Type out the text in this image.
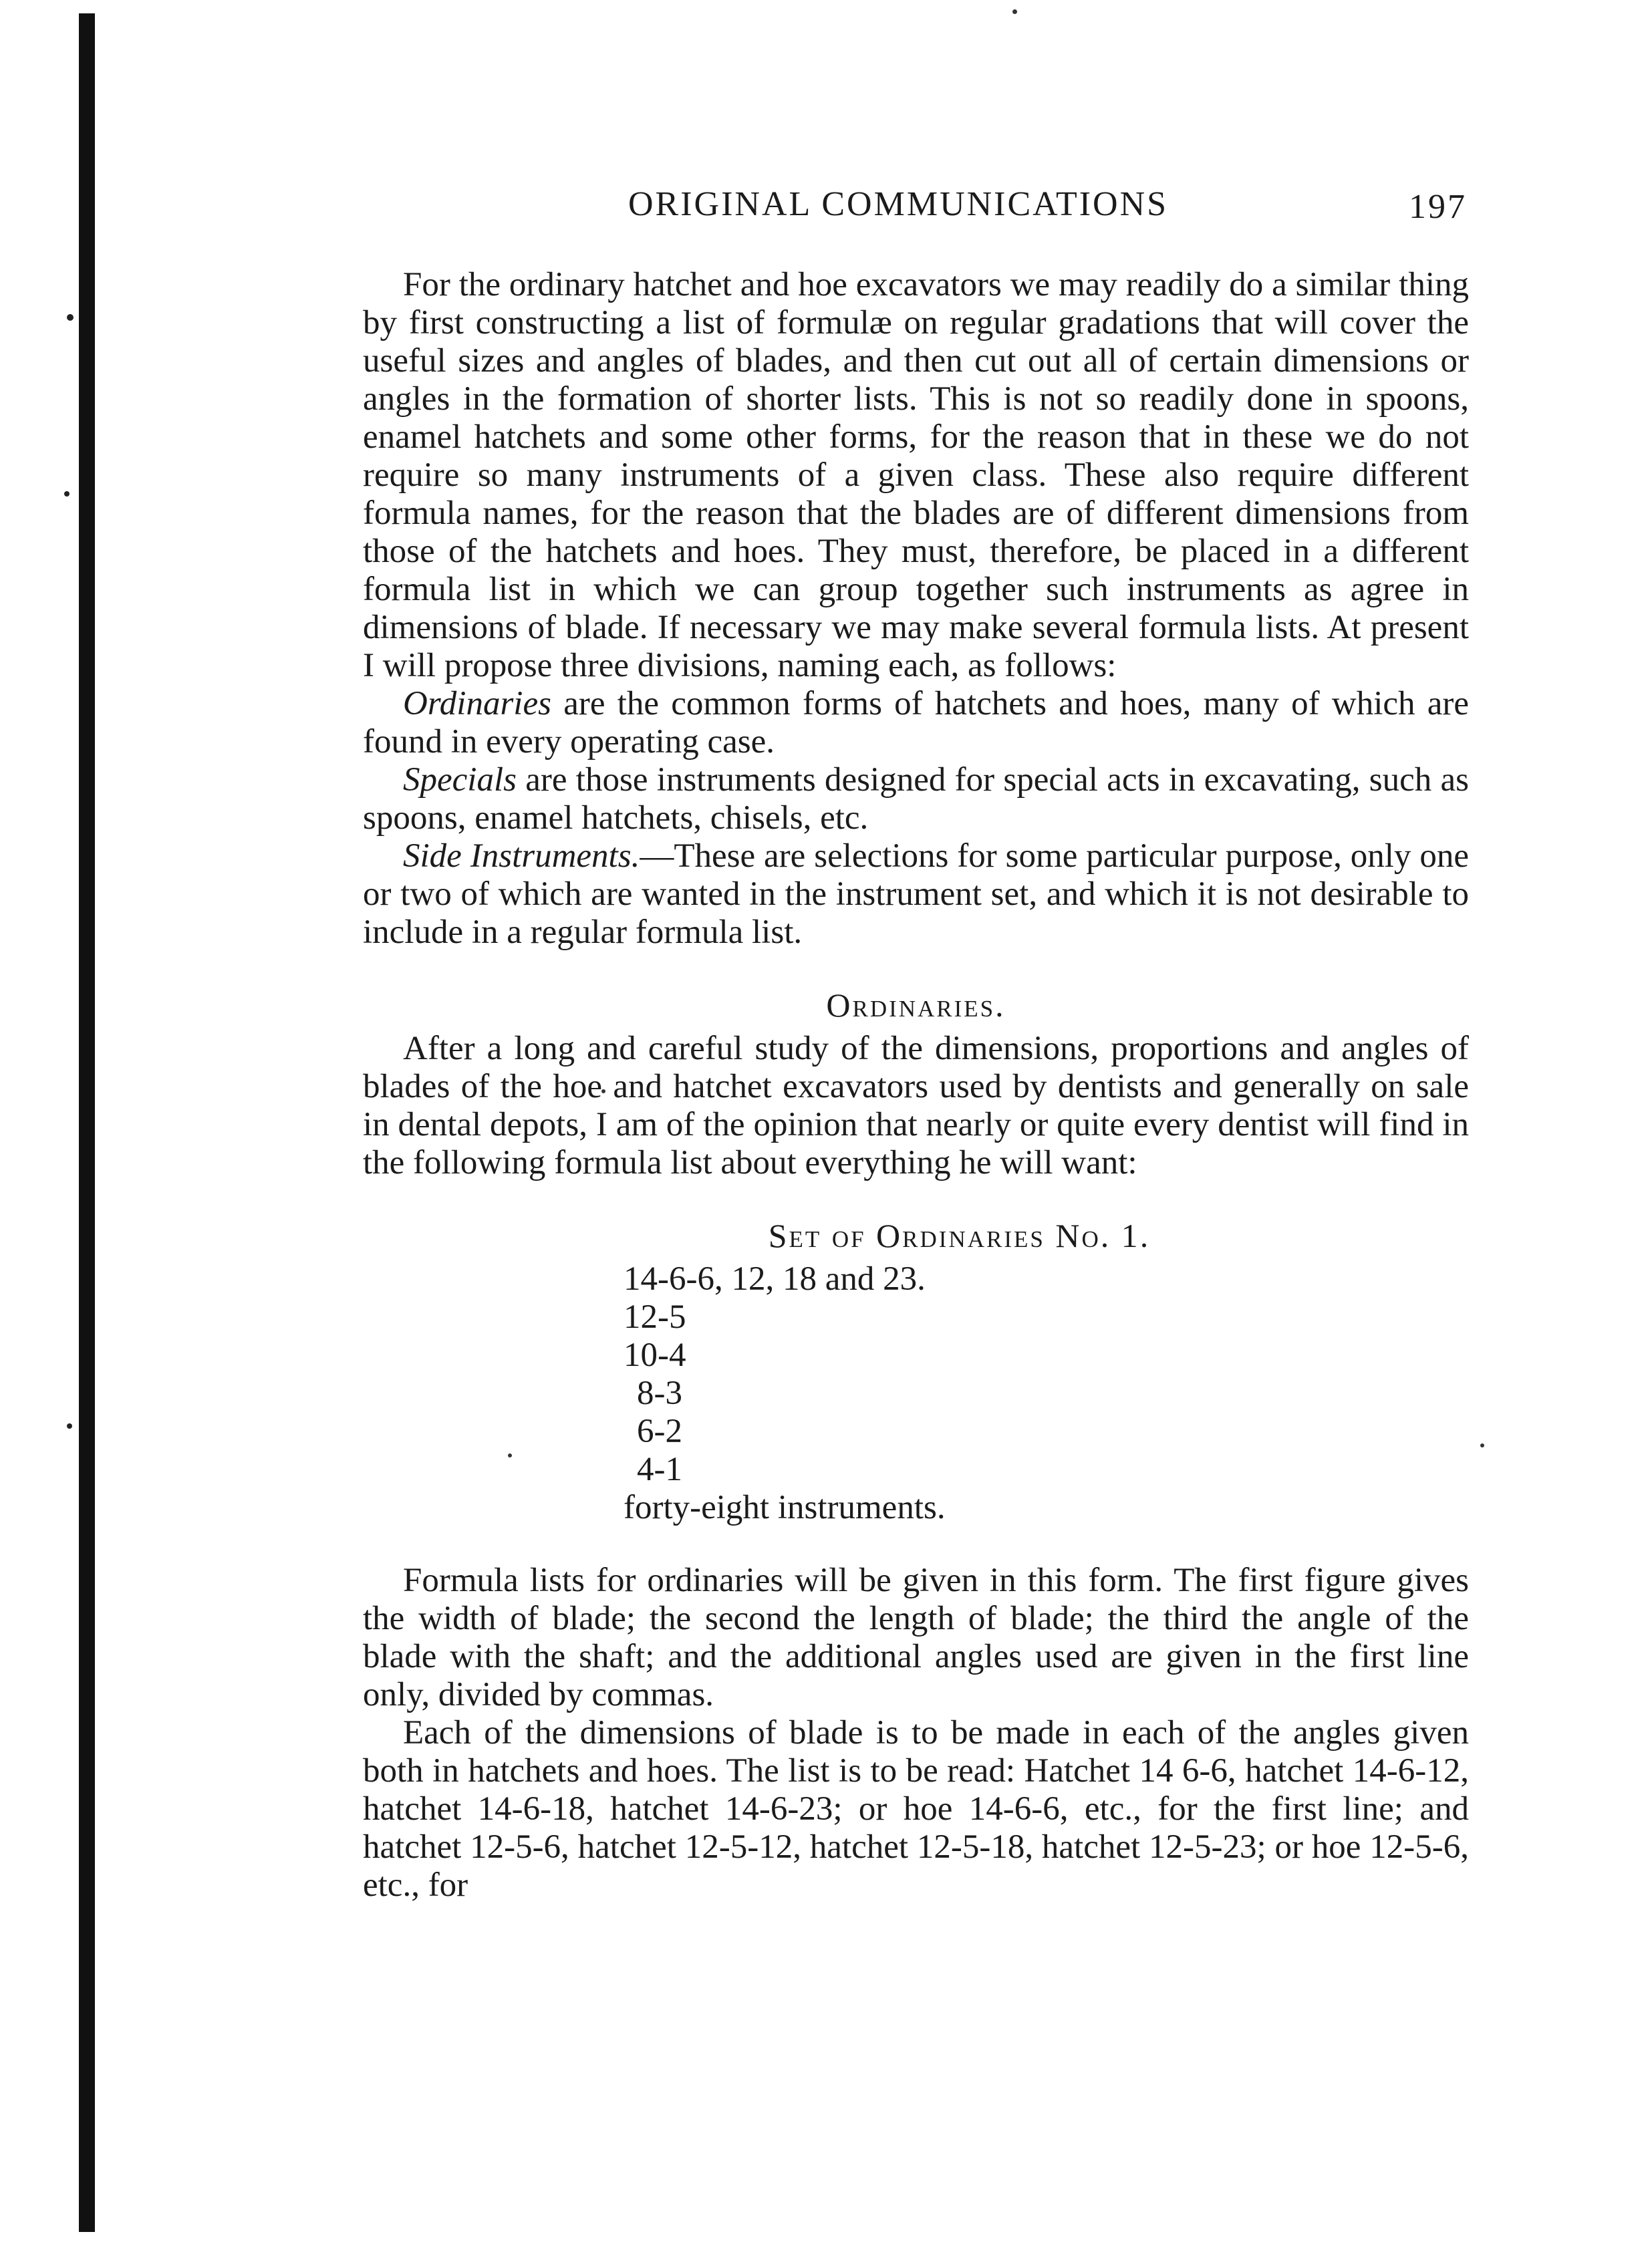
ORIGINAL COMMUNICATIONS	197

For the ordinary hatchet and hoe excavators we may readily do a similar thing by first constructing a list of formulæ on regular gradations that will cover the useful sizes and angles of blades, and then cut out all of certain dimensions or angles in the formation of shorter lists. This is not so readily done in spoons, enamel hatchets and some other forms, for the reason that in these we do not require so many instruments of a given class. These also require different formula names, for the reason that the blades are of different dimensions from those of the hatchets and hoes. They must, therefore, be placed in a different formula list in which we can group together such instruments as agree in dimensions of blade. If necessary we may make several formula lists. At present I will propose three divisions, naming each, as follows:

Ordinaries are the common forms of hatchets and hoes, many of which are found in every operating case.

Specials are those instruments designed for special acts in excavating, such as spoons, enamel hatchets, chisels, etc.

Side Instruments.—These are selections for some particular purpose, only one or two of which are wanted in the instrument set, and which it is not desirable to include in a regular formula list.

Ordinaries.

After a long and careful study of the dimensions, proportions and angles of blades of the hoe and hatchet excavators used by dentists and generally on sale in dental depots, I am of the opinion that nearly or quite every dentist will find in the following formula list about everything he will want:

Set of Ordinaries No. 1.
14-6-6, 12, 18 and 23.
12-5
10-4
8-3
6-2
4-1
forty-eight instruments.

Formula lists for ordinaries will be given in this form. The first figure gives the width of blade; the second the length of blade; the third the angle of the blade with the shaft; and the additional angles used are given in the first line only, divided by commas.

Each of the dimensions of blade is to be made in each of the angles given both in hatchets and hoes. The list is to be read: Hatchet 14 6-6, hatchet 14-6-12, hatchet 14-6-18, hatchet 14-6-23; or hoe 14-6-6, etc., for the first line; and hatchet 12-5-6, hatchet 12-5-12, hatchet 12-5-18, hatchet 12-5-23; or hoe 12-5-6, etc., for
